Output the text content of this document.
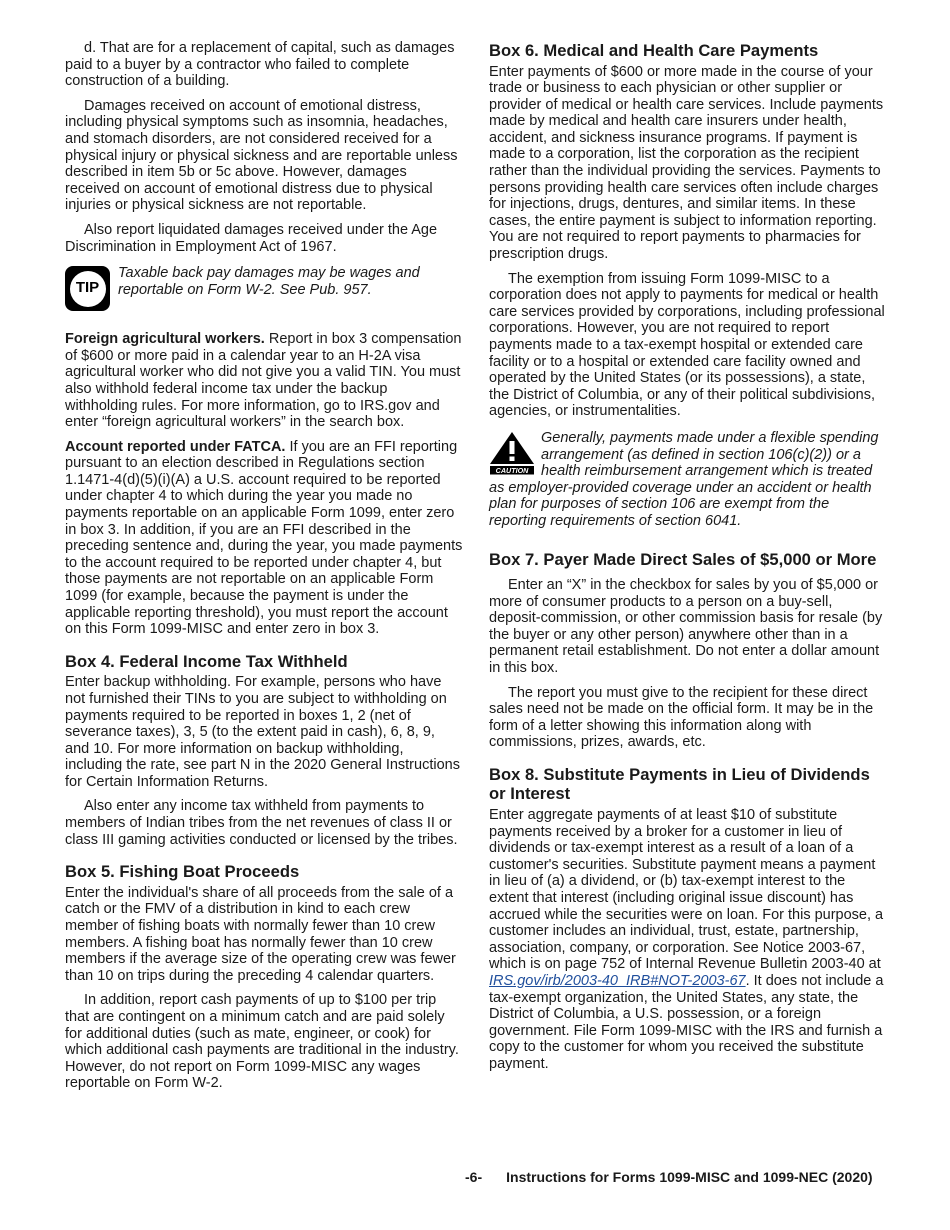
d. That are for a replacement of capital, such as damages paid to a buyer by a contractor who failed to complete construction of a building.

Damages received on account of emotional distress, including physical symptoms such as insomnia, headaches, and stomach disorders, are not considered received for a physical injury or physical sickness and are reportable unless described in item 5b or 5c above. However, damages received on account of emotional distress due to physical injuries or physical sickness are not reportable.

Also report liquidated damages received under the Age Discrimination in Employment Act of 1967.

TIP
Taxable back pay damages may be wages and reportable on Form W-2. See Pub. 957.

Foreign agricultural workers. Report in box 3 compensation of $600 or more paid in a calendar year to an H-2A visa agricultural worker who did not give you a valid TIN. You must also withhold federal income tax under the backup withholding rules. For more information, go to IRS.gov and enter “foreign agricultural workers” in the search box.

Account reported under FATCA. If you are an FFI reporting pursuant to an election described in Regulations section 1.1471-4(d)(5)(i)(A) a U.S. account required to be reported under chapter 4 to which during the year you made no payments reportable on an applicable Form 1099, enter zero in box 3. In addition, if you are an FFI described in the preceding sentence and, during the year, you made payments to the account required to be reported under chapter 4, but those payments are not reportable on an applicable Form 1099 (for example, because the payment is under the applicable reporting threshold), you must report the account on this Form 1099-MISC and enter zero in box 3.

Box 4. Federal Income Tax Withheld

Enter backup withholding. For example, persons who have not furnished their TINs to you are subject to withholding on payments required to be reported in boxes 1, 2 (net of severance taxes), 3, 5 (to the extent paid in cash), 6, 8, 9, and 10. For more information on backup withholding, including the rate, see part N in the 2020 General Instructions for Certain Information Returns.

Also enter any income tax withheld from payments to members of Indian tribes from the net revenues of class II or class III gaming activities conducted or licensed by the tribes.

Box 5. Fishing Boat Proceeds

Enter the individual's share of all proceeds from the sale of a catch or the FMV of a distribution in kind to each crew member of fishing boats with normally fewer than 10 crew members. A fishing boat has normally fewer than 10 crew members if the average size of the operating crew was fewer than 10 on trips during the preceding 4 calendar quarters.

In addition, report cash payments of up to $100 per trip that are contingent on a minimum catch and are paid solely for additional duties (such as mate, engineer, or cook) for which additional cash payments are traditional in the industry. However, do not report on Form 1099-MISC any wages reportable on Form W-2.

Box 6. Medical and Health Care Payments

Enter payments of $600 or more made in the course of your trade or business to each physician or other supplier or provider of medical or health care services. Include payments made by medical and health care insurers under health, accident, and sickness insurance programs. If payment is made to a corporation, list the corporation as the recipient rather than the individual providing the services. Payments to persons providing health care services often include charges for injections, drugs, dentures, and similar items. In these cases, the entire payment is subject to information reporting. You are not required to report payments to pharmacies for prescription drugs.

The exemption from issuing Form 1099-MISC to a corporation does not apply to payments for medical or health care services provided by corporations, including professional corporations. However, you are not required to report payments made to a tax-exempt hospital or extended care facility or to a hospital or extended care facility owned and operated by the United States (or its possessions), a state, the District of Columbia, or any of their political subdivisions, agencies, or instrumentalities.

CAUTION
Generally, payments made under a flexible spending arrangement (as defined in section 106(c)(2)) or a health reimbursement arrangement which is treated as employer-provided coverage under an accident or health plan for purposes of section 106 are exempt from the reporting requirements of section 6041.
Box 7. Payer Made Direct Sales of $5,000 or More

Enter an “X” in the checkbox for sales by you of $5,000 or more of consumer products to a person on a buy-sell, deposit-commission, or other commission basis for resale (by the buyer or any other person) anywhere other than in a permanent retail establishment. Do not enter a dollar amount in this box.

The report you must give to the recipient for these direct sales need not be made on the official form. It may be in the form of a letter showing this information along with commissions, prizes, awards, etc.

Box 8. Substitute Payments in Lieu of Dividends or Interest

Enter aggregate payments of at least $10 of substitute payments received by a broker for a customer in lieu of dividends or tax-exempt interest as a result of a loan of a customer's securities. Substitute payment means a payment in lieu of (a) a dividend, or (b) tax-exempt interest to the extent that interest (including original issue discount) has accrued while the securities were on loan. For this purpose, a customer includes an individual, trust, estate, partnership, association, company, or corporation. See Notice 2003-67, which is on page 752 of Internal Revenue Bulletin 2003-40 at IRS.gov/irb/2003-40_IRB#NOT-2003-67. It does not include a tax-exempt organization, the United States, any state, the District of Columbia, a U.S. possession, or a foreign government. File Form 1099-MISC with the IRS and furnish a copy to the customer for whom you received the substitute payment.

-6- Instructions for Forms 1099-MISC and 1099-NEC (2020)
